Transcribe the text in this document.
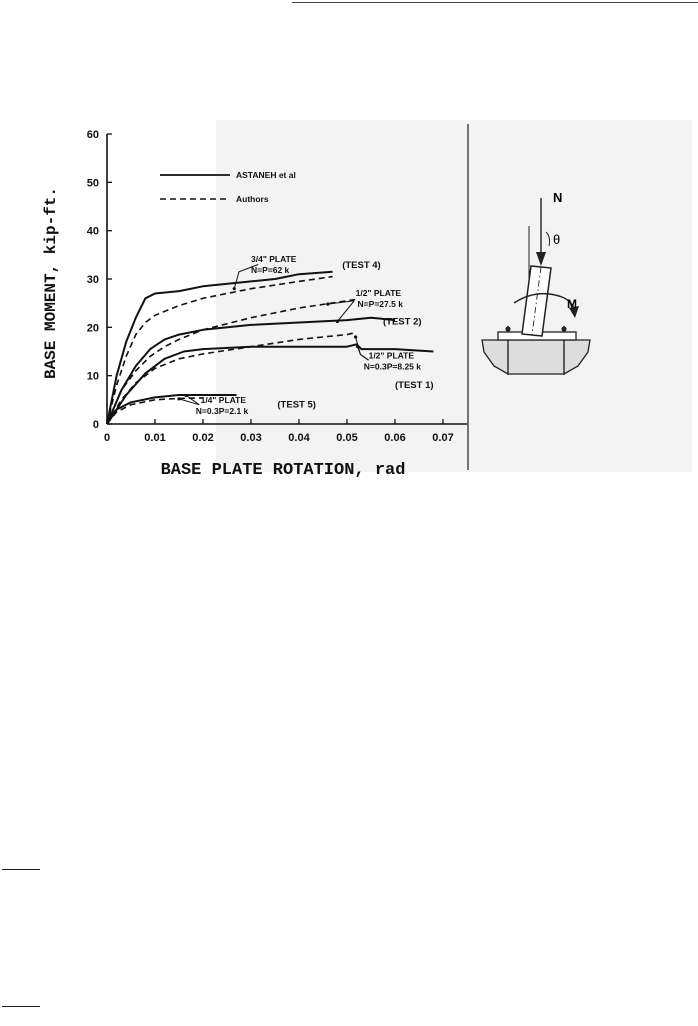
0
10
20
30
40
50
60
0	0.01 0.02 0.03 0.04 0.05 0.06 0.07
BASE PLATE ROTATION, rad
BASE MOMENT, kip-ft.
ASTANEH et al
Authors
3/4" PLATE
N=P=62 k	(TEST 4)
1/2" PLATE
N=P=27.5 k
(TEST 2)
1/2" PLATE
N=0.3P=8.25 k
(TEST 1)
1/4" PLATE
N=0.3P=2.1 k
(TEST 5)
N
θ
M
